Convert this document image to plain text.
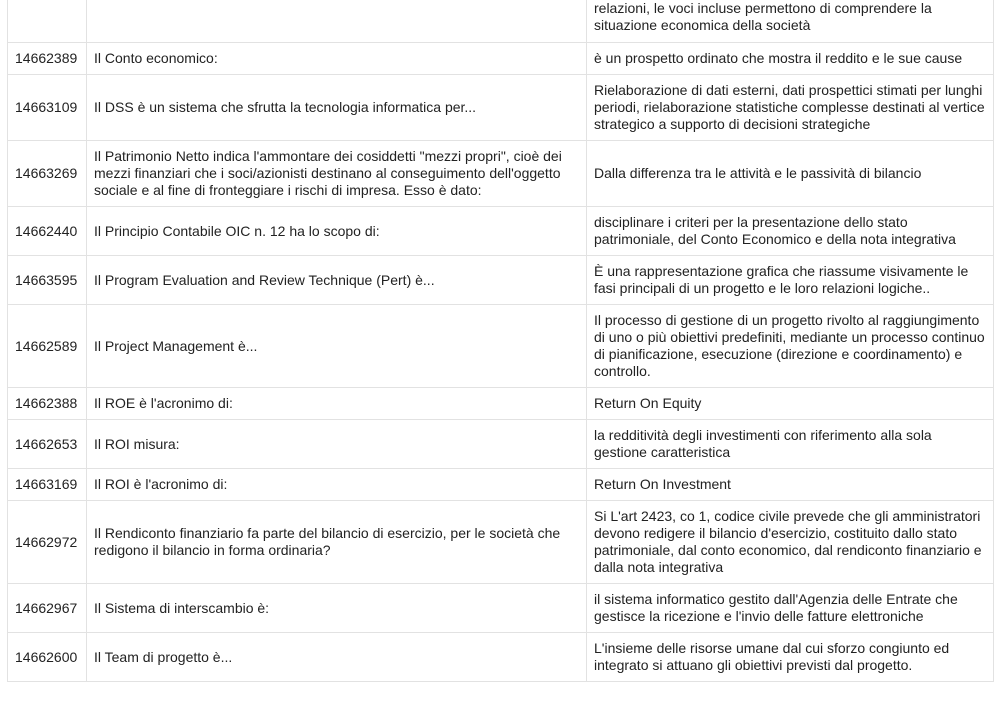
		relazioni, le voci incluse permettono di comprendere la situazione economica della società
14662389	Il Conto economico:	è un prospetto ordinato che mostra il reddito e le sue cause
14663109	Il DSS è un sistema che sfrutta la tecnologia informatica per...	Rielaborazione di dati esterni, dati prospettici stimati per lunghi periodi, rielaborazione statistiche complesse destinati al vertice strategico a supporto di decisioni strategiche
14663269	Il Patrimonio Netto indica l'ammontare dei cosiddetti "mezzi propri", cioè dei mezzi finanziari che i soci/azionisti destinano al conseguimento dell'oggetto sociale e al fine di fronteggiare i rischi di impresa. Esso è dato:	Dalla differenza tra le attività e le passività di bilancio
14662440	Il Principio Contabile OIC n. 12 ha lo scopo di:	disciplinare i criteri per la presentazione dello stato patrimoniale, del Conto Economico e della nota integrativa
14663595	Il Program Evaluation and Review Technique (Pert) è...	È una rappresentazione grafica che riassume visivamente le fasi principali di un progetto e le loro relazioni logiche..
14662589	Il Project Management è...	Il processo di gestione di un progetto rivolto al raggiungimento di uno o più obiettivi predefiniti, mediante un processo continuo di pianificazione, esecuzione (direzione e coordinamento) e controllo.
14662388	Il ROE è l'acronimo di:	Return On Equity
14662653	Il ROI misura:	la redditività degli investimenti con riferimento alla sola gestione caratteristica
14663169	Il ROI è l'acronimo di:	Return On Investment
14662972	Il Rendiconto finanziario fa parte del bilancio di esercizio, per le società che redigono il bilancio in forma ordinaria?	Si L'art 2423, co 1, codice civile prevede che gli amministratori devono redigere il bilancio d'esercizio, costituito dallo stato patrimoniale, dal conto economico, dal rendiconto finanziario e dalla nota integrativa
14662967	Il Sistema di interscambio è:	il sistema informatico gestito dall'Agenzia delle Entrate che gestisce la ricezione e l'invio delle fatture elettroniche
14662600	Il Team di progetto è...	L'insieme delle risorse umane dal cui sforzo congiunto ed integrato si attuano gli obiettivi previsti dal progetto.
